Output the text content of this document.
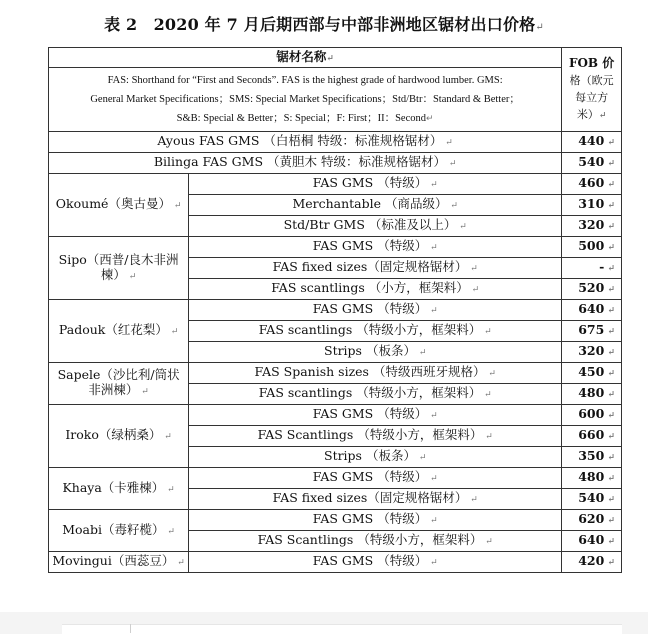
表 2　2020 年 7 月后期西部与中部非洲地区锯材出口价格↵
锯材名称↵		FOB 价
格（欧元
每立方
米）↵
FAS: Shorthand for “First and Seconds”. FAS is the highest grade of hardwood lumber. GMS:
General Market Specifications；SMS: Special Market Specifications；Std/Btr：Standard & Better；
S&B: Special & Better；S: Special；F: First；II：Second↵		
Ayous FAS GMS （白梧桐 特级：标准规格锯材） ↵		440 ↵
Bilinga FAS GMS （黄胆木 特级：标准规格锯材） ↵		540 ↵
Okoumé（奥古曼） ↵	FAS GMS （特级） ↵	460 ↵
	Merchantable （商品级） ↵	310 ↵
	Std/Btr GMS （标准及以上） ↵	320 ↵
Sipo（西普/良木非洲楝） ↵	FAS GMS （特级） ↵	500 ↵
	FAS fixed sizes（固定规格锯材） ↵	- ↵
	FAS scantlings （小方，框架料） ↵	520 ↵
Padouk（红花梨） ↵	FAS GMS （特级） ↵	640 ↵
	FAS scantlings （特级小方，框架料） ↵	675 ↵
	Strips （板条） ↵	320 ↵
Sapele（沙比利/筒状非洲楝） ↵	FAS Spanish sizes （特级西班牙规格） ↵	450 ↵
	FAS scantlings （特级小方，框架料） ↵	480 ↵
Iroko（绿柄桑） ↵	FAS GMS （特级） ↵	600 ↵
	FAS Scantlings （特级小方，框架料） ↵	660 ↵
	Strips （板条） ↵	350 ↵
Khaya（卡雅楝） ↵	FAS GMS （特级） ↵	480 ↵
	FAS fixed sizes（固定规格锯材） ↵	540 ↵
Moabi（毒籽榄） ↵	FAS GMS （特级） ↵	620 ↵
	FAS Scantlings （特级小方，框架料） ↵	640 ↵
Movingui（西蕊豆） ↵	FAS GMS （特级） ↵	420 ↵
